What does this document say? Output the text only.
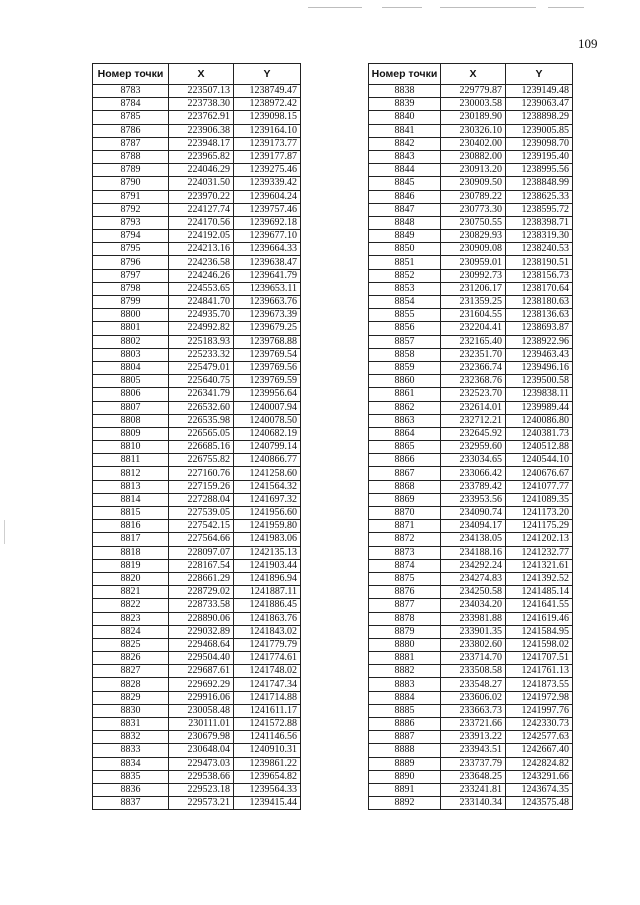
109
Номер точки	X	Y
8783	223507.13	1238749.47
8784	223738.30	1238972.42
8785	223762.91	1239098.15
8786	223906.38	1239164.10
8787	223948.17	1239173.77
8788	223965.82	1239177.87
8789	224046.29	1239275.46
8790	224031.50	1239339.42
8791	223970.22	1239604.24
8792	224127.74	1239757.46
8793	224170.56	1239692.18
8794	224192.05	1239677.10
8795	224213.16	1239664.33
8796	224236.58	1239638.47
8797	224246.26	1239641.79
8798	224553.65	1239653.11
8799	224841.70	1239663.76
8800	224935.70	1239673.39
8801	224992.82	1239679.25
8802	225183.93	1239768.88
8803	225233.32	1239769.54
8804	225479.01	1239769.56
8805	225640.75	1239769.59
8806	226341.79	1239956.64
8807	226532.60	1240007.94
8808	226535.98	1240078.50
8809	226565.05	1240682.19
8810	226685.16	1240799.14
8811	226755.82	1240866.77
8812	227160.76	1241258.60
8813	227159.26	1241564.32
8814	227288.04	1241697.32
8815	227539.05	1241956.60
8816	227542.15	1241959.80
8817	227564.66	1241983.06
8818	228097.07	1242135.13
8819	228167.54	1241903.44
8820	228661.29	1241896.94
8821	228729.02	1241887.11
8822	228733.58	1241886.45
8823	228890.06	1241863.76
8824	229032.89	1241843.02
8825	229468.64	1241779.79
8826	229504.40	1241774.61
8827	229687.61	1241748.02
8828	229692.29	1241747.34
8829	229916.06	1241714.88
8830	230058.48	1241611.17
8831	230111.01	1241572.88
8832	230679.98	1241146.56
8833	230648.04	1240910.31
8834	229473.03	1239861.22
8835	229538.66	1239654.82
8836	229523.18	1239564.33
8837	229573.21	1239415.44
Номер точки	X	Y
8838	229779.87	1239149.48
8839	230003.58	1239063.47
8840	230189.90	1238898.29
8841	230326.10	1239005.85
8842	230402.00	1239098.70
8843	230882.00	1239195.40
8844	230913.20	1238995.56
8845	230909.50	1238848.99
8846	230789.22	1238625.33
8847	230773.30	1238595.72
8848	230750.55	1238398.71
8849	230829.93	1238319.30
8850	230909.08	1238240.53
8851	230959.01	1238190.51
8852	230992.73	1238156.73
8853	231206.17	1238170.64
8854	231359.25	1238180.63
8855	231604.55	1238136.63
8856	232204.41	1238693.87
8857	232165.40	1238922.96
8858	232351.70	1239463.43
8859	232366.74	1239496.16
8860	232368.76	1239500.58
8861	232523.70	1239838.11
8862	232614.01	1239989.44
8863	232712.21	1240086.80
8864	232645.92	1240381.73
8865	232959.60	1240512.88
8866	233034.65	1240544.10
8867	233066.42	1240676.67
8868	233789.42	1241077.77
8869	233953.56	1241089.35
8870	234090.74	1241173.20
8871	234094.17	1241175.29
8872	234138.05	1241202.13
8873	234188.16	1241232.77
8874	234292.24	1241321.61
8875	234274.83	1241392.52
8876	234250.58	1241485.14
8877	234034.20	1241641.55
8878	233981.88	1241619.46
8879	233901.35	1241584.95
8880	233802.60	1241598.02
8881	233714.70	1241707.51
8882	233508.58	1241761.13
8883	233548.27	1241873.55
8884	233606.02	1241972.98
8885	233663.73	1241997.76
8886	233721.66	1242330.73
8887	233913.22	1242577.63
8888	233943.51	1242667.40
8889	233737.79	1242824.82
8890	233648.25	1243291.66
8891	233241.81	1243674.35
8892	233140.34	1243575.48
